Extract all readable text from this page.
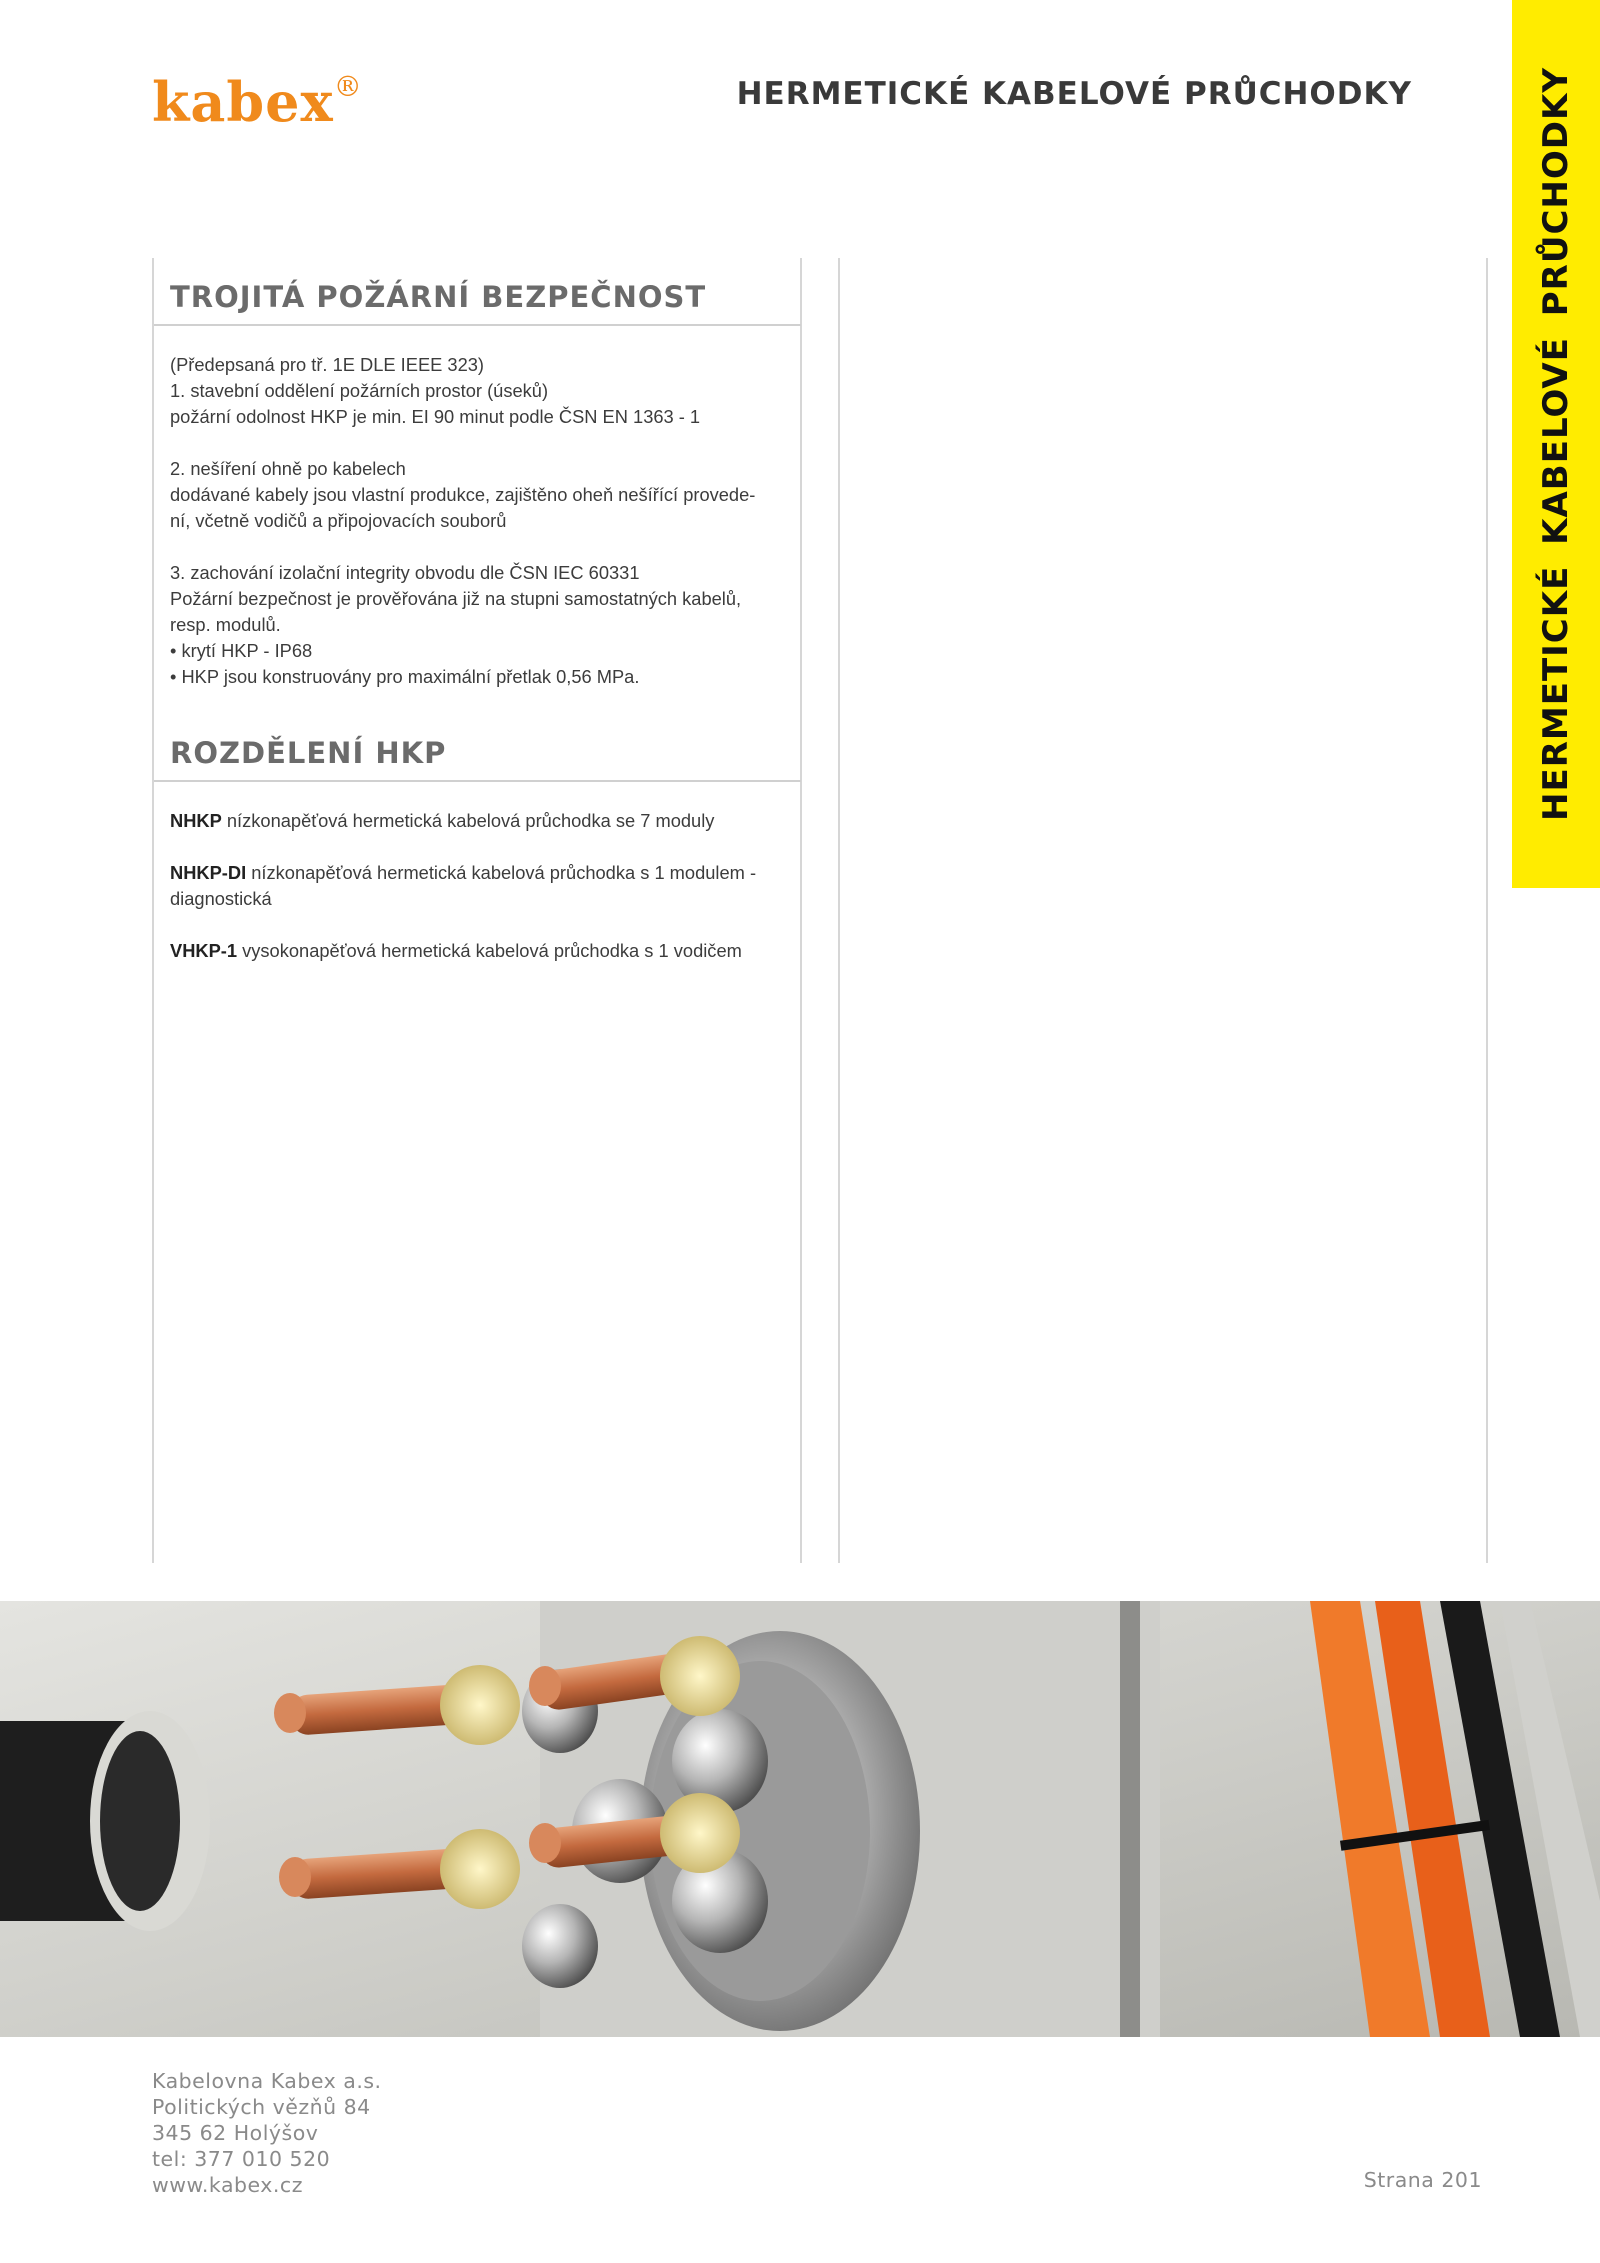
kabex®	HERMETICKÉ KABELOVÉ PRŮCHODKY	HERMETICKÉ KABELOVÉ PRŮCHODKY
TROJITÁ POŽÁRNÍ BEZPEČNOST
(Předepsaná pro tř. 1E DLE IEEE 323)
1. stavební oddělení požárních prostor (úseků)
požární odolnost HKP je min. EI 90 minut podle ČSN EN 1363 - 1
2. nešíření ohně po kabelech
dodávané kabely jsou vlastní produkce, zajištěno oheň nešířící provede-
ní, včetně vodičů a připojovacích souborů
3. zachování izolační integrity obvodu dle ČSN IEC 60331
Požární bezpečnost je prověřována již na stupni samostatných kabelů,
resp. modulů.
• krytí HKP - IP68
• HKP jsou konstruovány pro maximální přetlak 0,56 MPa.
ROZDĚLENÍ HKP
NHKP nízkonapěťová hermetická kabelová průchodka se 7 moduly
NHKP-DI nízkonapěťová hermetická kabelová průchodka s 1 modulem -
diagnostická
VHKP-1 vysokonapěťová hermetická kabelová průchodka s 1 vodičem
Kabelovna Kabex a.s.
Politických vězňů 84
345 62 Holýšov
tel: 377 010 520
www.kabex.cz	Strana 201
